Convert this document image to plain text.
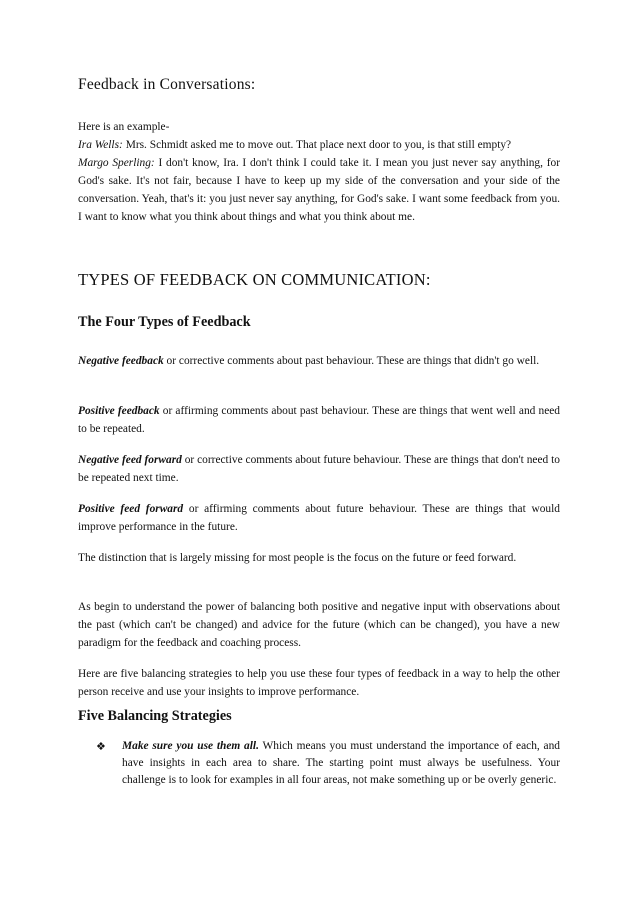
Feedback in Conversations:

Here is an example-

Ira Wells: Mrs. Schmidt asked me to move out. That place next door to you, is that still empty?

Margo Sperling: I don't know, Ira. I don't think I could take it. I mean you just never say anything, for God's sake. It's not fair, because I have to keep up my side of the conversation and your side of the conversation. Yeah, that's it: you just never say anything, for God's sake. I want some feedback from you. I want to know what you think about things and what you think about me.

TYPES OF FEEDBACK ON COMMUNICATION:
The Four Types of Feedback

Negative feedback or corrective comments about past behaviour. These are things that didn't go well.

Positive feedback or affirming comments about past behaviour. These are things that went well and need to be repeated.

Negative feed forward or corrective comments about future behaviour. These are things that don't need to be repeated next time.

Positive feed forward or affirming comments about future behaviour. These are things that would improve performance in the future.

The distinction that is largely missing for most people is the focus on the future or feed forward.

As begin to understand the power of balancing both positive and negative input with observations about the past (which can't be changed) and advice for the future (which can be changed), you have a new paradigm for the feedback and coaching process.

Here are five balancing strategies to help you use these four types of feedback in a way to help the other person receive and use your insights to improve performance.

Five Balancing Strategies
❖	Make sure you use them all. Which means you must understand the importance of each, and have insights in each area to share. The starting point must always be usefulness. Your challenge is to look for examples in all four areas, not make something up or be overly generic.
